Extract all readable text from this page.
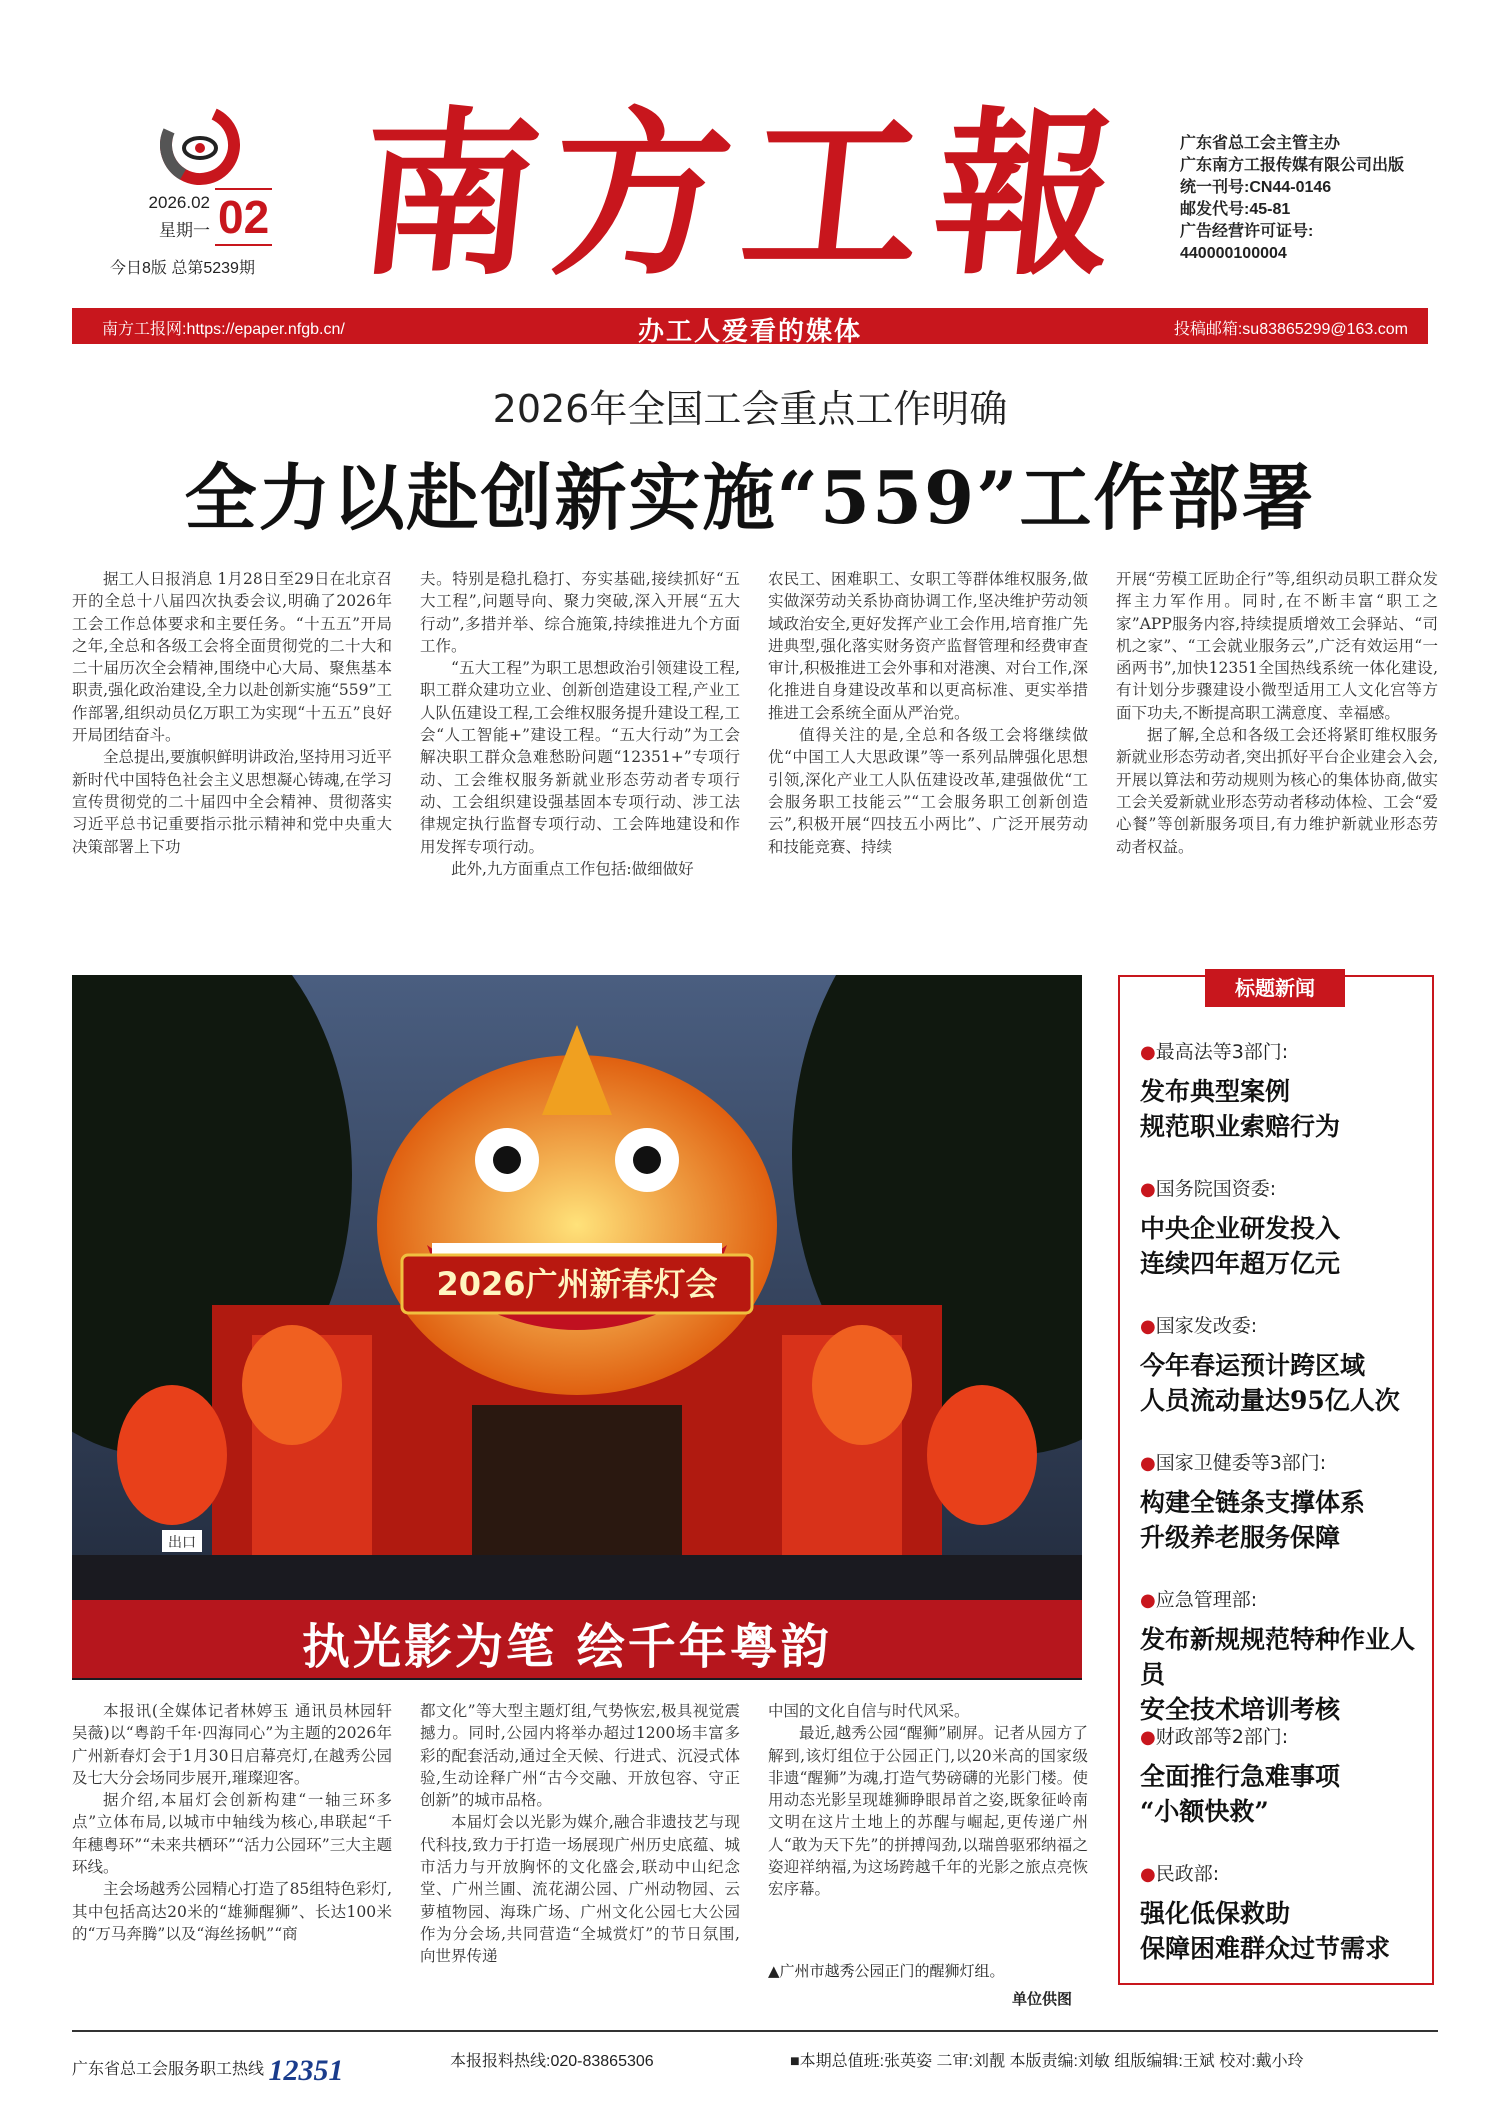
2026.02
星期一 02
今日8版 总第5239期 南方工報	广东省总工会主管主办
广东南方工报传媒有限公司出版
统一刊号:CN44-0146
邮发代号:45-81
广告经营许可证号:
440000100004
南方工报网:https://epaper.nfgb.cn/	办工人爱看的媒体	投稿邮箱:su83865299@163.com
2026年全国工会重点工作明确
全力以赴创新实施“559”工作部署

据工人日报消息 1月28日至29日在北京召开的全总十八届四次执委会议,明确了2026年工会工作总体要求和主要任务。“十五五”开局之年,全总和各级工会将全面贯彻党的二十大和二十届历次全会精神,围绕中心大局、聚焦基本职责,强化政治建设,全力以赴创新实施“559”工作部署,组织动员亿万职工为实现“十五五”良好开局团结奋斗。

全总提出,要旗帜鲜明讲政治,坚持用习近平新时代中国特色社会主义思想凝心铸魂,在学习宣传贯彻党的二十届四中全会精神、贯彻落实习近平总书记重要指示批示精神和党中央重大决策部署上下功

夫。特别是稳扎稳打、夯实基础,接续抓好“五大工程”,问题导向、聚力突破,深入开展“五大行动”,多措并举、综合施策,持续推进九个方面工作。

“五大工程”为职工思想政治引领建设工程,职工群众建功立业、创新创造建设工程,产业工人队伍建设工程,工会维权服务提升建设工程,工会“人工智能+”建设工程。“五大行动”为工会解决职工群众急难愁盼问题“12351+”专项行动、工会维权服务新就业形态劳动者专项行动、工会组织建设强基固本专项行动、涉工法律规定执行监督专项行动、工会阵地建设和作用发挥专项行动。

此外,九方面重点工作包括:做细做好

农民工、困难职工、女职工等群体维权服务,做实做深劳动关系协商协调工作,坚决维护劳动领域政治安全,更好发挥产业工会作用,培育推广先进典型,强化落实财务资产监督管理和经费审查审计,积极推进工会外事和对港澳、对台工作,深化推进自身建设改革和以更高标准、更实举措推进工会系统全面从严治党。

值得关注的是,全总和各级工会将继续做优“中国工人大思政课”等一系列品牌强化思想引领,深化产业工人队伍建设改革,建强做优“工会服务职工技能云”“工会服务职工创新创造云”,积极开展“四技五小两比”、广泛开展劳动和技能竞赛、持续

开展“劳模工匠助企行”等,组织动员职工群众发挥主力军作用。同时,在不断丰富“职工之家”APP服务内容,持续提质增效工会驿站、“司机之家”、“工会就业服务云”,广泛有效运用“一函两书”,加快12351全国热线系统一体化建设,有计划分步骤建设小微型适用工人文化宫等方面下功夫,不断提高职工满意度、幸福感。

据了解,全总和各级工会还将紧盯维权服务新就业形态劳动者,突出抓好平台企业建会入会,开展以算法和劳动规则为核心的集体协商,做实工会关爱新就业形态劳动者移动体检、工会“爱心餐”等创新服务项目,有力维护新就业形态劳动者权益。

2026广州新春灯会
出口
执光影为笔 绘千年粤韵
标题新闻
●最高法等3部门:
发布典型案例
规范职业索赔行为
●国务院国资委:
中央企业研发投入
连续四年超万亿元
●国家发改委:
今年春运预计跨区域
人员流动量达95亿人次
●国家卫健委等3部门:
构建全链条支撑体系
升级养老服务保障
●应急管理部:
发布新规规范特种作业人员
安全技术培训考核
●财政部等2部门:
全面推行急难事项
“小额快救”
●民政部:
强化低保救助
保障困难群众过节需求

本报讯(全媒体记者林婷玉 通讯员林园轩 吴薇)以“粤韵千年·四海同心”为主题的2026年广州新春灯会于1月30日启幕亮灯,在越秀公园及七大分会场同步展开,璀璨迎客。

据介绍,本届灯会创新构建“一轴三环多点”立体布局,以城市中轴线为核心,串联起“千年穗粤环”“未来共栖环”“活力公园环”三大主题环线。

主会场越秀公园精心打造了85组特色彩灯,其中包括高达20米的“雄狮醒狮”、长达100米的“万马奔腾”以及“海丝扬帆”“商

都文化”等大型主题灯组,气势恢宏,极具视觉震撼力。同时,公园内将举办超过1200场丰富多彩的配套活动,通过全天候、行进式、沉浸式体验,生动诠释广州“古今交融、开放包容、守正创新”的城市品格。

本届灯会以光影为媒介,融合非遗技艺与现代科技,致力于打造一场展现广州历史底蕴、城市活力与开放胸怀的文化盛会,联动中山纪念堂、广州兰圃、流花湖公园、广州动物园、云萝植物园、海珠广场、广州文化公园七大公园作为分会场,共同营造“全城赏灯”的节日氛围,向世界传递

中国的文化自信与时代风采。

最近,越秀公园“醒狮”刷屏。记者从园方了解到,该灯组位于公园正门,以20米高的国家级非遗“醒狮”为魂,打造气势磅礴的光影门楼。使用动态光影呈现雄狮睁眼昂首之姿,既象征岭南文明在这片土地上的苏醒与崛起,更传递广州人“敢为天下先”的拼搏闯劲,以瑞兽驱邪纳福之姿迎祥纳福,为这场跨越千年的光影之旅点亮恢宏序幕。

▲广州市越秀公园正门的醒狮灯组。
单位供图
广东省总工会服务职工热线 12351	本报报料热线:020-83865306	■本期总值班:张英姿 二审:刘靓 本版责编:刘敏 组版编辑:王斌 校对:戴小玲
